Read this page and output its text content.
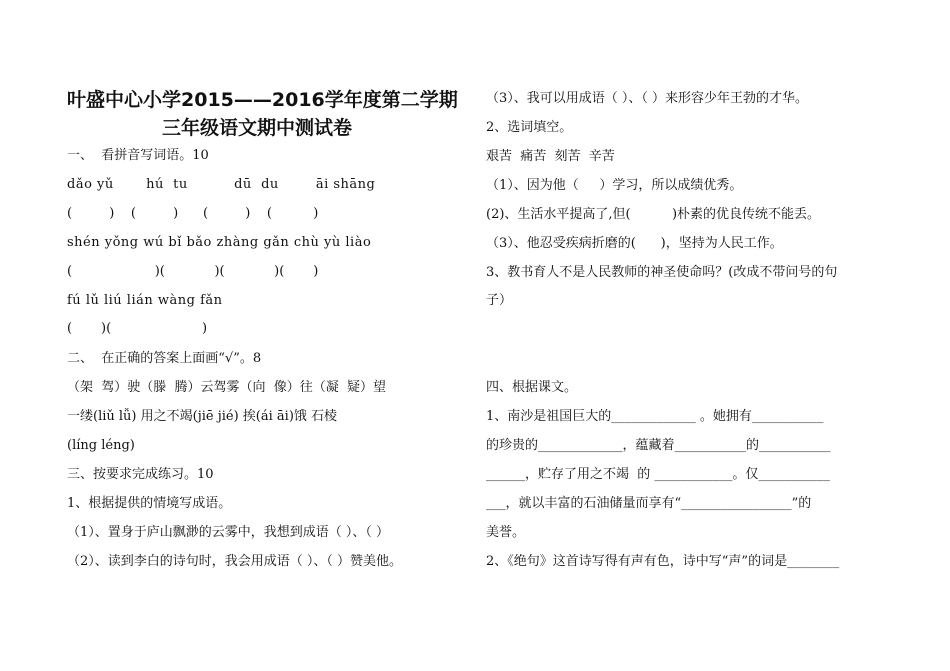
叶盛中心小学2015——2016学年度第二学期
三年级语文期中测试卷
一、  看拼音写词语。10
dǎo yǔ       hú  tu          dū  du        āi shāng
(         )    (         )      (         )    (          )
shén yǒng wú bǐ bǎo zhàng gǎn chù yù liào
(                    )(            )(            )(       )
fú lǔ liú lián wàng fǎn
(       )(                      )
二、  在正确的答案上面画“√”。8
（架  驾）驶（滕  腾）云驾雾（向  像）往（凝  疑）望
一缕(liǔ lǚ) 用之不竭(jiē jié) 挨(ái āi)饿 石棱
(líng léng)
三、按要求完成练习。10
1、根据提供的情境写成语。
（1）、置身于庐山飘渺的云雾中，我想到成语（ ）、（ ）
（2）、读到李白的诗句时，我会用成语（ ）、（ ）赞美他。
（3）、我可以用成语（ ）、（ ）来形容少年王勃的才华。
2、选词填空。
艰苦  痛苦  刻苦  辛苦
（1）、因为他（     ）学习，所以成绩优秀。
(2)、生活水平提高了,但(          )朴素的优良传统不能丢。
（3）、他忍受疾病折磨的(      )，坚持为人民工作。
3、教书育人不是人民教师的神圣使命吗？(改成不带问号的句
子）
四、根据课文。
1、南沙是祖国巨大的_____________ 。她拥有___________
的珍贵的_____________，蕴藏着___________的___________
______，贮存了用之不竭  的 ____________。仅___________
___，就以丰富的石油储量而享有“_________________”的
美誉。
2、《绝句》这首诗写得有声有色，诗中写“声”的词是________
